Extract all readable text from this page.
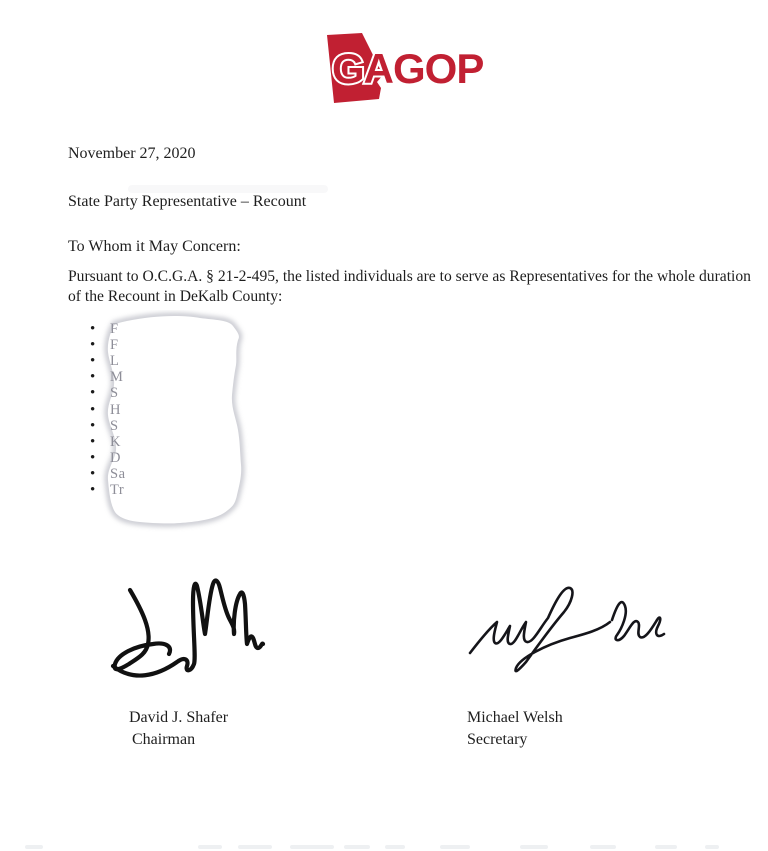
GAGOP
November 27, 2020
State Party Representative – Recount
To Whom it May Concern:
Pursuant to O.C.G.A. § 21-2-495, the listed individuals are to serve as Representatives for the whole duration of the Recount in DeKalb County:
•	F
•	F
•	L
•	M
•	S
•	H
•	S
•	K
•	D
•	Sa
•	Tr
David J. Shafer
Chairman
Michael Welsh
Secretary
